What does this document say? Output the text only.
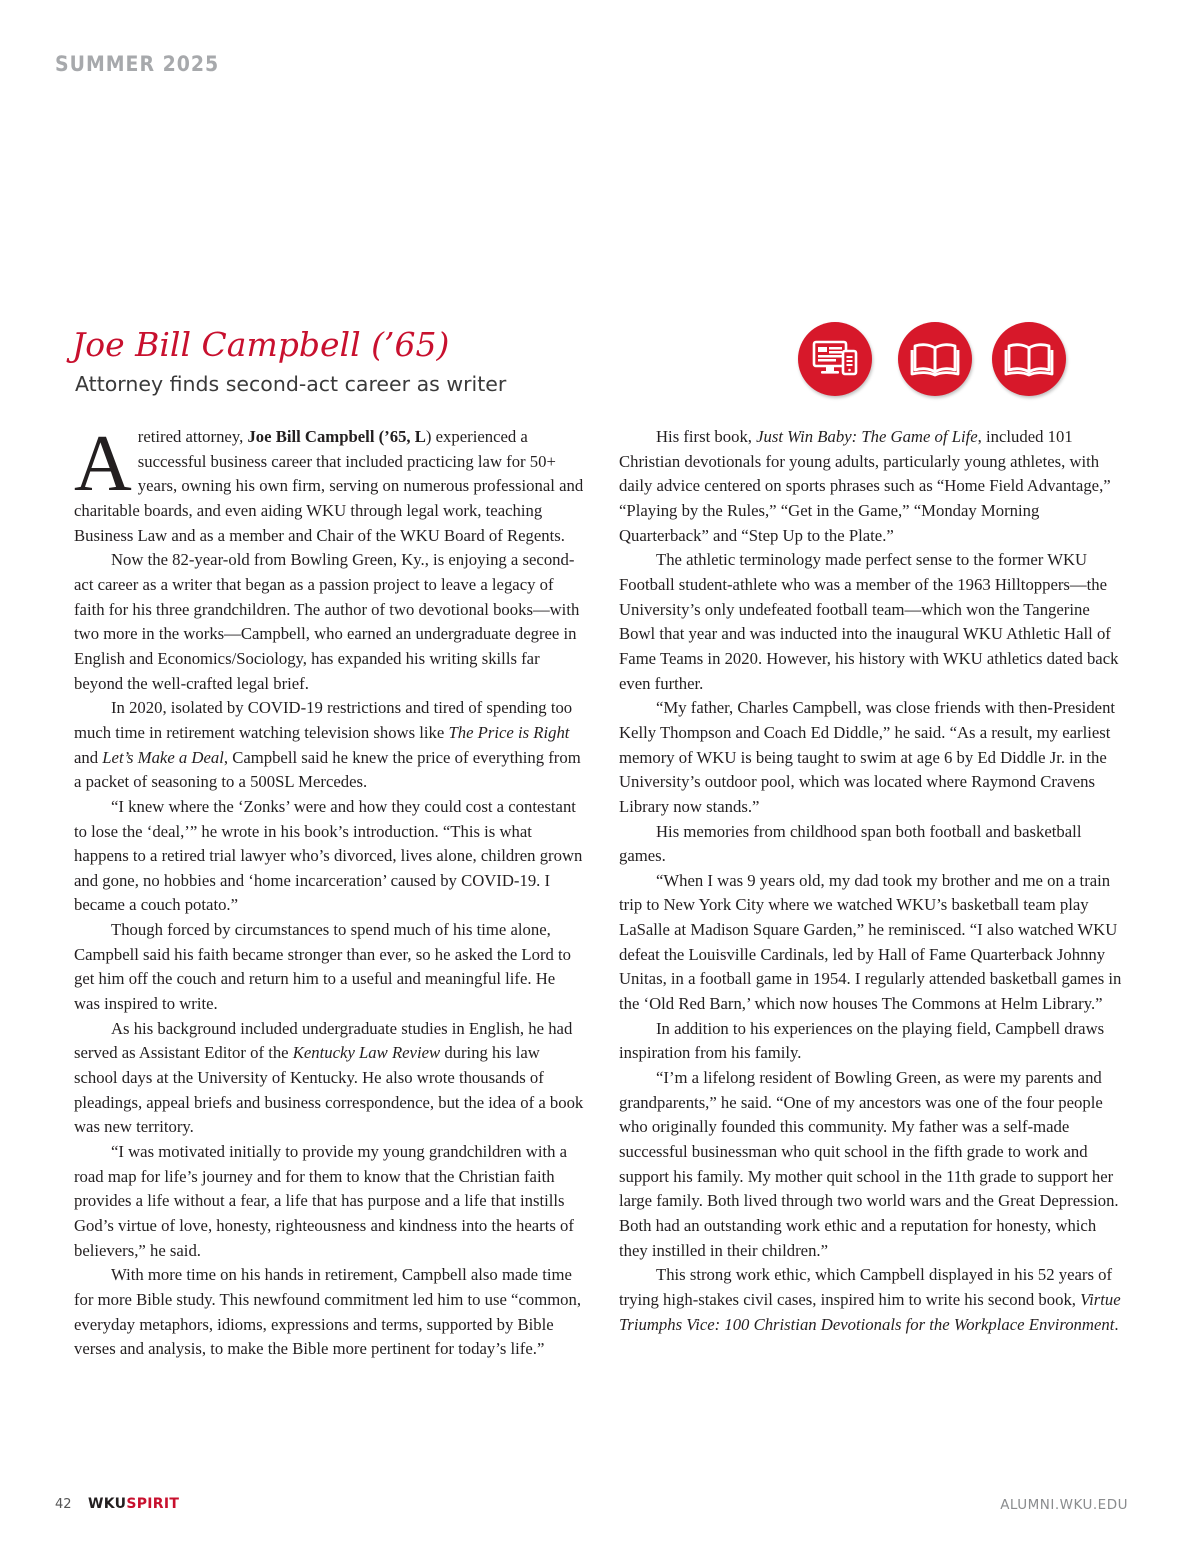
SUMMER 2025
Joe Bill Campbell (’65)
Attorney finds second-act career as writer

Aretired attorney, Joe Bill Campbell (’65, L) experienced a successful business career that included practicing law for 50+ years, owning his own firm, serving on numerous professional and charitable boards, and even aiding WKU through legal work, teaching Business Law and as a member and Chair of the WKU Board of Regents.

Now the 82-year-old from Bowling Green, Ky., is enjoying a second-act career as a writer that began as a passion project to leave a legacy of faith for his three grandchildren. The author of two devotional books—with two more in the works—Campbell, who earned an undergraduate degree in English and Economics/Sociology, has expanded his writing skills far beyond the well-crafted legal brief.

In 2020, isolated by COVID-19 restrictions and tired of spending too much time in retirement watching television shows like The Price is Right and Let’s Make a Deal, Campbell said he knew the price of everything from a packet of seasoning to a 500SL Mercedes.

“I knew where the ‘Zonks’ were and how they could cost a contestant to lose the ‘deal,’” he wrote in his book’s introduction. “This is what happens to a retired trial lawyer who’s divorced, lives alone, children grown and gone, no hobbies and ‘home incarceration’ caused by COVID-19. I became a couch potato.”

Though forced by circumstances to spend much of his time alone, Campbell said his faith became stronger than ever, so he asked the Lord to get him off the couch and return him to a useful and meaningful life. He was inspired to write.

As his background included undergraduate studies in English, he had served as Assistant Editor of the Kentucky Law Review during his law school days at the University of Kentucky. He also wrote thousands of pleadings, appeal briefs and business correspondence, but the idea of a book was new territory.

“I was motivated initially to provide my young grandchildren with a road map for life’s journey and for them to know that the Christian faith provides a life without a fear, a life that has purpose and a life that instills God’s virtue of love, honesty, righteousness and kindness into the hearts of believers,” he said.

With more time on his hands in retirement, Campbell also made time for more Bible study. This newfound commitment led him to use “common, everyday metaphors, idioms, expressions and terms, supported by Bible verses and analysis, to make the Bible more pertinent for today’s life.”

His first book, Just Win Baby: The Game of Life, included 101 Christian devotionals for young adults, particularly young athletes, with daily advice centered on sports phrases such as “Home Field Advantage,” “Playing by the Rules,” “Get in the Game,” “Monday Morning Quarterback” and “Step Up to the Plate.”

The athletic terminology made perfect sense to the former WKU Football student-athlete who was a member of the 1963 Hilltoppers—the University’s only undefeated football team—which won the Tangerine Bowl that year and was inducted into the inaugural WKU Athletic Hall of Fame Teams in 2020. However, his history with WKU athletics dated back even further.

“My father, Charles Campbell, was close friends with then-President Kelly Thompson and Coach Ed Diddle,” he said. “As a result, my earliest memory of WKU is being taught to swim at age 6 by Ed Diddle Jr. in the University’s outdoor pool, which was located where Raymond Cravens Library now stands.”

His memories from childhood span both football and basketball games.

“When I was 9 years old, my dad took my brother and me on a train trip to New York City where we watched WKU’s basketball team play LaSalle at Madison Square Garden,” he reminisced. “I also watched WKU defeat the Louisville Cardinals, led by Hall of Fame Quarterback Johnny Unitas, in a football game in 1954. I regularly attended basketball games in the ‘Old Red Barn,’ which now houses The Commons at Helm Library.”

In addition to his experiences on the playing field, Campbell draws inspiration from his family.

“I’m a lifelong resident of Bowling Green, as were my parents and grandparents,” he said. “One of my ancestors was one of the four people who originally founded this community. My father was a self-made successful businessman who quit school in the fifth grade to work and support his family. My mother quit school in the 11th grade to support her large family. Both lived through two world wars and the Great Depression. Both had an outstanding work ethic and a reputation for honesty, which they instilled in their children.”

This strong work ethic, which Campbell displayed in his 52 years of trying high-stakes civil cases, inspired him to write his second book, Virtue Triumphs Vice: 100 Christian Devotionals for the Workplace Environment.

42 WKUSPIRIT	ALUMNI.WKU.EDU
